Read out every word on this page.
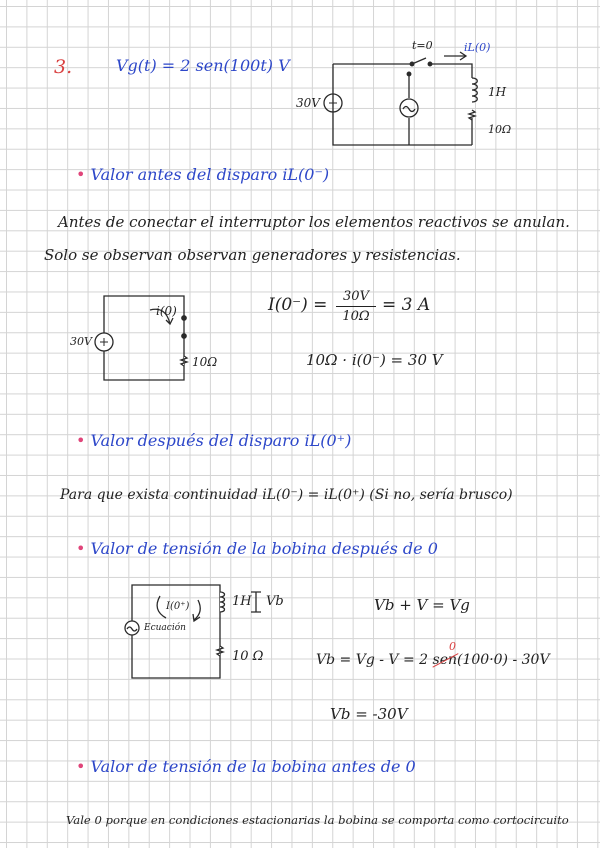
3.	Vg(t) = 2 sen(100t) V
t=0	iL(0)
30V
1H
10Ω
• Valor antes del disparo iL(0⁻)
Antes de conectar el interruptor los elementos reactivos se anulan.
Solo se observan observan generadores y resistencias.
30V
i(0)
10Ω
I(0⁻) =	30V
10Ω
= 3 A
10Ω · i(0⁻) = 30 V
• Valor después del disparo iL(0⁺)
Para que exista continuidad iL(0⁻) = iL(0⁺) (Si no, sería brusco)
• Valor de tensión de la bobina después de 0
I(0⁺)
Ecuación
1H Vb
10 Ω
Vb + V = Vg
Vb = Vg - V = 2 sen(100·0) - 30V
0
Vb = -30V
• Valor de tensión de la bobina antes de 0
Vale 0 porque en condiciones estacionarias la bobina se comporta como cortocircuito
